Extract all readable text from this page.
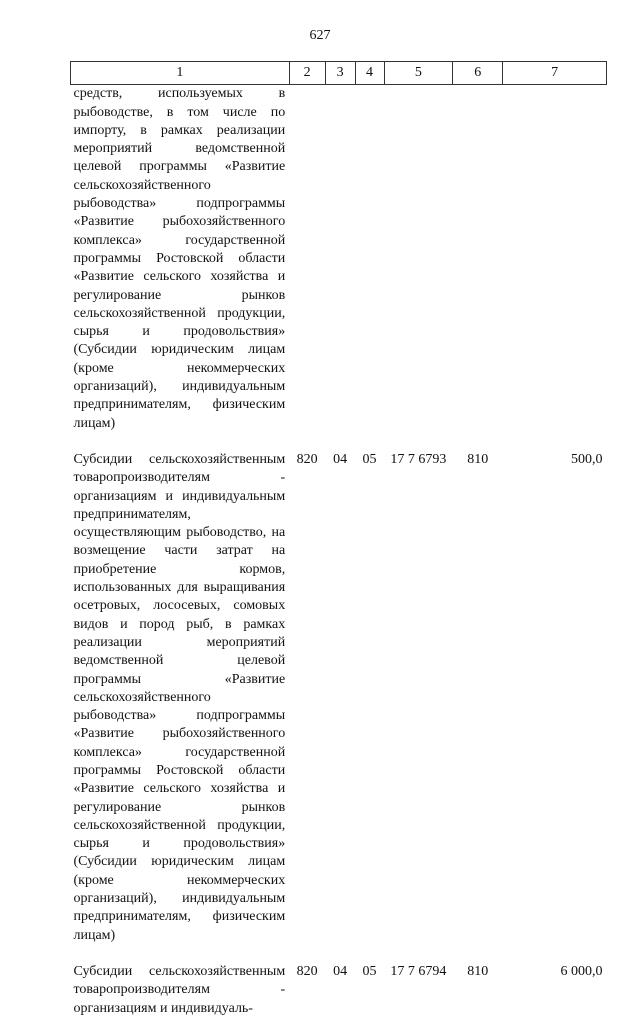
627
1	2	3	4	5	6	7
средств, используемых в рыбоводстве, в том числе по импорту, в рамках реализации мероприятий ведомственной целевой программы «Развитие сельскохозяйственного рыбоводства» подпрограммы «Развитие рыбохозяйственного комплекса» государственной программы Ростовской области «Развитие сельского хозяйства и регулирование рынков сельскохозяйственной продукции, сырья и продовольствия» (Субсидии юридическим лицам (кроме некоммерческих организаций), индивидуальным предпринимателям, физическим лицам)						

Субсидии сельскохозяйственным товаропроизводителям - организациям и индивидуальным предпринимателям, осуществляющим рыбоводство, на возмещение части затрат на приобретение кормов, использованных для выращивания осетровых, лососевых, сомовых видов и пород рыб, в рамках реализации мероприятий ведомственной целевой программы «Развитие сельскохозяйственного рыбоводства» подпрограммы «Развитие рыбохозяйственного комплекса» государственной программы Ростовской области «Развитие сельского хозяйства и регулирование рынков сельскохозяйственной продукции, сырья и продовольствия» (Субсидии юридическим лицам (кроме некоммерческих организаций), индивидуальным предпринимателям, физическим лицам)	820	04	05	17 7 6793	810	500,0

Субсидии сельскохозяйственным товаропроизводителям - организациям и индивидуаль-	820	04	05	17 7 6794	810	6 000,0
